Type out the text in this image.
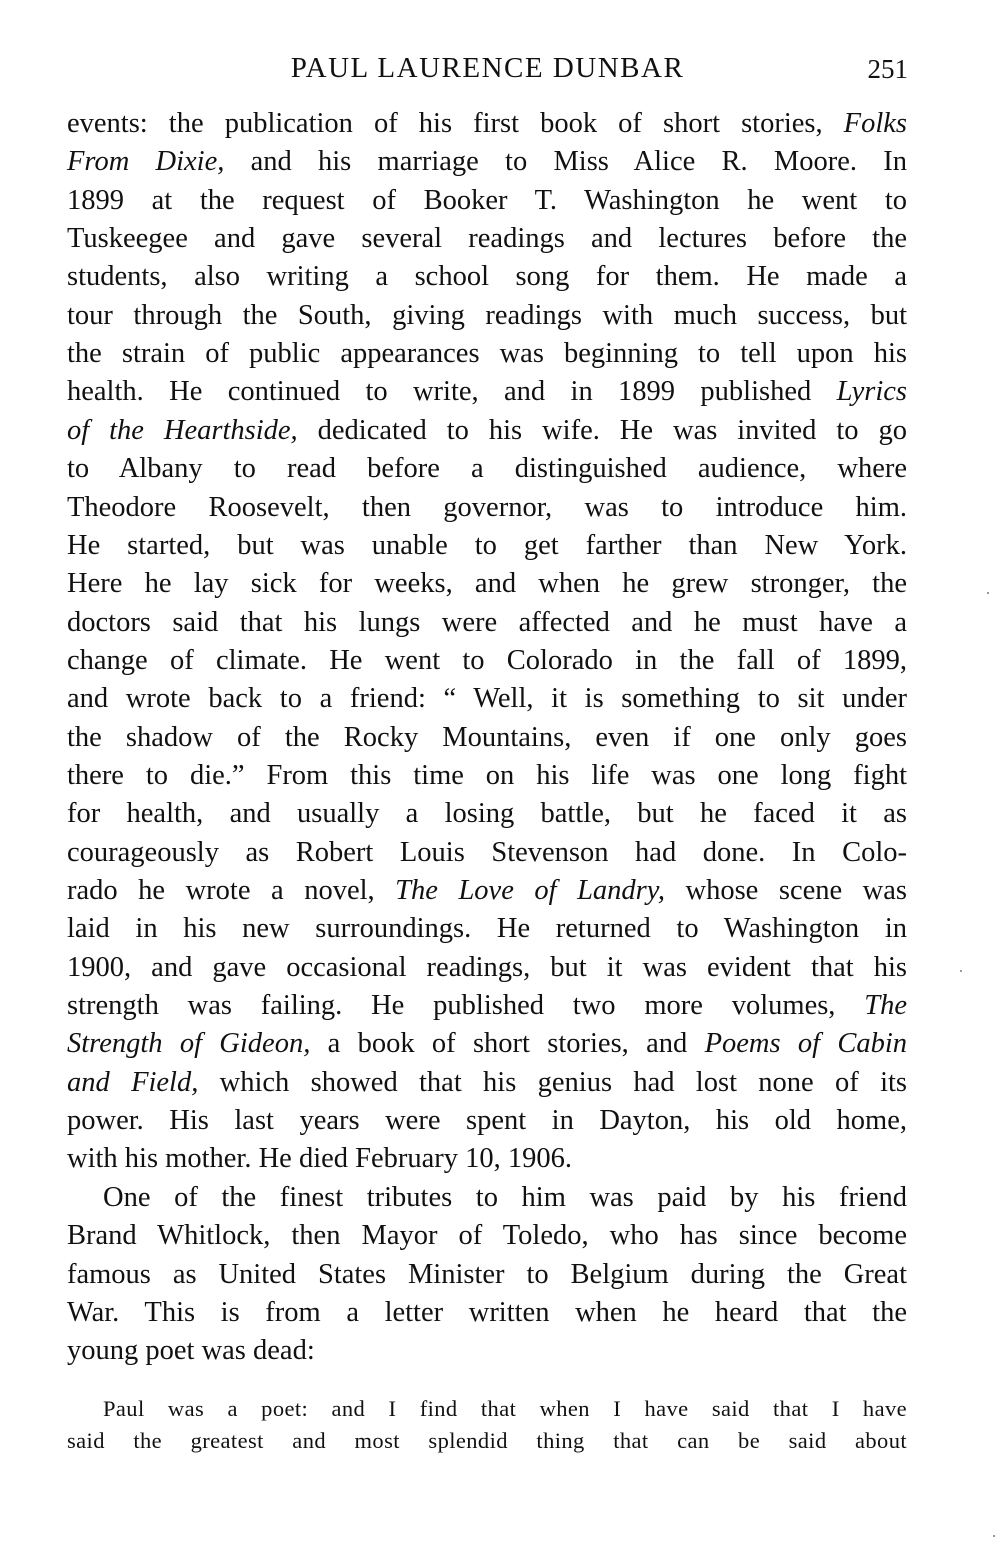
PAUL LAURENCE DUNBAR	251
events: the publication of his first book of short stories, Folks
From Dixie, and his marriage to Miss Alice R. Moore. In
1899 at the request of Booker T. Washington he went to
Tuskeegee and gave several readings and lectures before the
students, also writing a school song for them. He made a
tour through the South, giving readings with much success, but
the strain of public appearances was beginning to tell upon his
health. He continued to write, and in 1899 published Lyrics
of the Hearthside, dedicated to his wife. He was invited to go
to Albany to read before a distinguished audience, where
Theodore Roosevelt, then governor, was to introduce him.
He started, but was unable to get farther than New York.
Here he lay sick for weeks, and when he grew stronger, the
doctors said that his lungs were affected and he must have a
change of climate. He went to Colorado in the fall of 1899,
and wrote back to a friend: “ Well, it is something to sit under
the shadow of the Rocky Mountains, even if one only goes
there to die.” From this time on his life was one long fight
for health, and usually a losing battle, but he faced it as
courageously as Robert Louis Stevenson had done. In Colo-
rado he wrote a novel, The Love of Landry, whose scene was
laid in his new surroundings. He returned to Washington in
1900, and gave occasional readings, but it was evident that his
strength was failing. He published two more volumes, The
Strength of Gideon, a book of short stories, and Poems of Cabin
and Field, which showed that his genius had lost none of its
power. His last years were spent in Dayton, his old home,
with his mother. He died February 10, 1906.
One of the finest tributes to him was paid by his friend
Brand Whitlock, then Mayor of Toledo, who has since become
famous as United States Minister to Belgium during the Great
War. This is from a letter written when he heard that the
young poet was dead:
Paul was a poet: and I find that when I have said that I have
said the greatest and most splendid thing that can be said about
